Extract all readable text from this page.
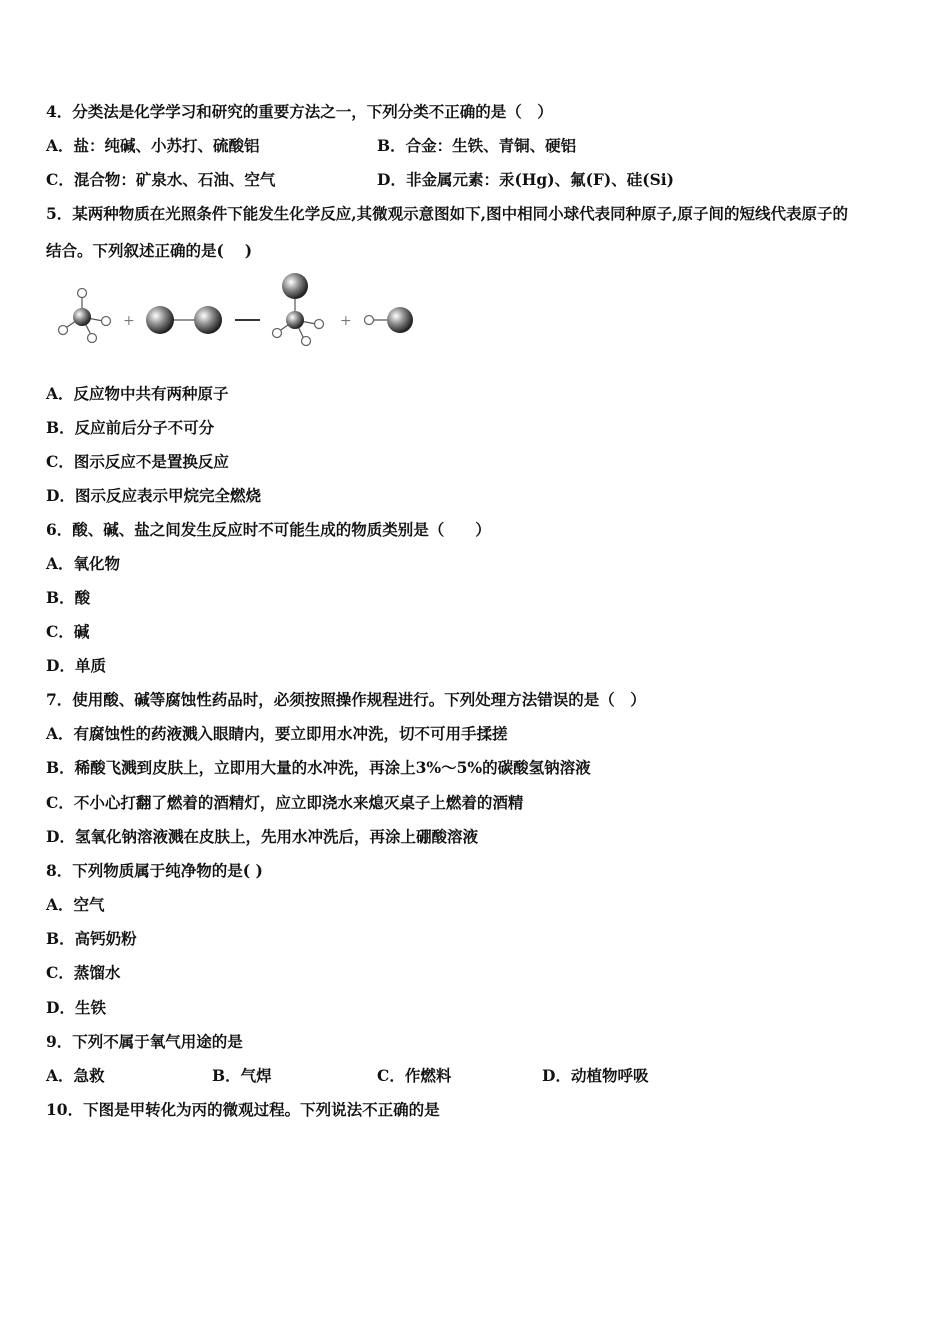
4．分类法是化学学习和研究的重要方法之一，下列分类不正确的是（　）
A．盐：纯碱、小苏打、硫酸铝	B．合金：生铁、青铜、硬铝
C．混合物：矿泉水、石油、空气	D．非金属元素：汞(Hg)、氟(F)、硅(Si)
5．某两种物质在光照条件下能发生化学反应,其微观示意图如下,图中相同小球代表同种原子,原子间的短线代表原子的
结合。下列叙述正确的是(　 )
+	+
A．反应物中共有两种原子
B．反应前后分子不可分
C．图示反应不是置换反应
D．图示反应表示甲烷完全燃烧
6．酸、碱、盐之间发生反应时不可能生成的物质类别是（　　）
A．氧化物
B．酸
C．碱
D．单质
7．使用酸、碱等腐蚀性药品时，必须按照操作规程进行。下列处理方法错误的是（　）
A．有腐蚀性的药液溅入眼睛内，要立即用水冲洗，切不可用手揉搓
B．稀酸飞溅到皮肤上，立即用大量的水冲洗，再涂上3%～5%的碳酸氢钠溶液
C．不小心打翻了燃着的酒精灯，应立即浇水来熄灭桌子上燃着的酒精
D．氢氧化钠溶液溅在皮肤上，先用水冲洗后，再涂上硼酸溶液
8．下列物质属于纯净物的是( )
A．空气
B．高钙奶粉
C．蒸馏水
D．生铁
9．下列不属于氧气用途的是
A．急救	B．气焊	C．作燃料	D．动植物呼吸
10．下图是甲转化为丙的微观过程。下列说法不正确的是
